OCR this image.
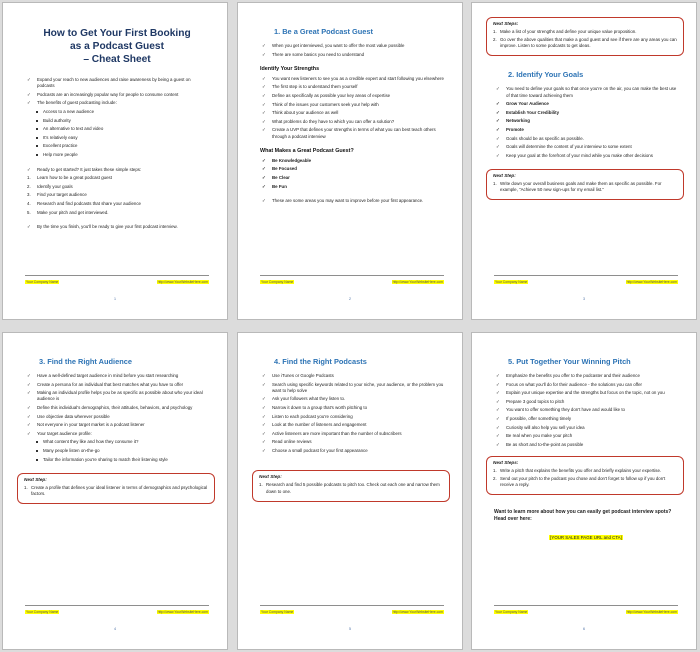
How to Get Your First Booking
as a Podcast Guest
– Cheat Sheet
✓ Expand your reach to new audiences and raise awareness by being a guest on podcasts
✓ Podcasts are an increasingly popular way for people to consume content
✓ The benefits of guest podcasting include:
Access to a new audience
Build authority
An alternative to text and video
It's relatively easy
Excellent practice
Help more people
✓ Ready to get started? It just takes these simple steps:
1. Learn how to be a great podcast guest
2. Identify your goals
3. Find your target audience
4. Research and find podcasts that share your audience
5. Make your pitch and get interviewed.
✓ By the time you finish, you'll be ready to give your first podcast interview.
Your Company Name	http://www.YourWebsiteHere.com
1
1. Be a Great Podcast Guest
✓ When you get interviewed, you want to offer the most value possible
✓ There are some basics you need to understand
Identify Your Strengths
✓ You want new listeners to see you as a credible expert and start following you elsewhere
✓ The first step is to understand them yourself
✓ Define as specifically as possible your key areas of expertise
✓ Think of the issues your customers seek your help with
✓ Think about your audience as well
✓ What problems do they have to which you can offer a solution?
✓ Create a UVP that defines your strengths in terms of what you can best teach others through a podcast interview
What Makes a Great Podcast Guest?
✓ Be Knowledgeable
✓ Be Focused
✓ Be Clear
✓ Be Fun
✓ These are some areas you may want to improve before your first appearance.
Your Company Name	http://www.YourWebsiteHere.com
2
Next Steps:
1. Make a list of your strengths and define your unique value proposition.
2. Go over the above qualities that make a good guest and see if there are any areas you can improve. Listen to some podcasts to get ideas.
2. Identify Your Goals
✓ You need to define your goals so that once you're on the air, you can make the best use of that time toward achieving them
✓ Grow Your Audience
✓ Establish Your Credibility
✓ Networking
✓ Promote
✓ Goals should be as specific as possible.
✓ Goals will determine the content of your interview to some extent
✓ Keep your goal at the forefront of your mind while you make other decisions
Next Step:
1. Write down your overall business goals and make them as specific as possible. For example, "Achieve 50 new sign-ups for my email list."
Your Company Name	http://www.YourWebsiteHere.com
3
3. Find the Right Audience
✓ Have a well-defined target audience in mind before you start researching
✓ Create a persona for an individual that best matches what you have to offer
✓ Making an individual profile helps you be as specific as possible about who your ideal audience is
✓ Define this individual's demographics, their attitudes, behaviors, and psychology
✓ Use objective data wherever possible
✓ Not everyone in your target market is a podcast listener
✓ Your target audience profile:
What content they like and how they consume it?
Many people listen on-the-go
Tailor the information you're sharing to match their listening style
Next Step:
1. Create a profile that defines your ideal listener in terms of demographics and psychological factors.
Your Company Name	http://www.YourWebsiteHere.com
4
4. Find the Right Podcasts
✓ Use iTunes or Google Podcasts
✓ Search using specific keywords related to your niche, your audience, or the problem you want to help solve
✓ Ask your followers what they listen to.
✓ Narrow it down to a group that's worth pitching to
✓ Listen to each podcast you're considering
✓ Look at the number of listeners and engagement
✓ Active listeners are more important than the number of subscribers
✓ Read online reviews
✓ Choose a small podcast for your first appearance
Next Step:
1. Research and find 5 possible podcasts to pitch too. Check out each one and narrow them down to one.
Your Company Name	http://www.YourWebsiteHere.com
5
5. Put Together Your Winning Pitch
✓ Emphasize the benefits you offer to the podcaster and their audience
✓ Focus on what you'll do for their audience - the solutions you can offer
✓ Explain your unique expertise and the strengths but focus on the topic, not on you
✓ Prepare 3 good topics to pitch
✓ You want to offer something they don't have and would like to
✓ If possible, offer something timely
✓ Curiosity will also help you sell your idea
✓ Be real when you make your pitch
✓ Be as short and to-the-point as possible
Next Steps:
1. Write a pitch that explains the benefits you offer and briefly explains your expertise.
2. Send out your pitch to the podcast you chose and don't forget to follow up if you don't receive a reply.
Want to learn more about how you can easily get podcast interview spots? Head over here:
[YOUR SALES PAGE URL and CTA]
Your Company Name	http://www.YourWebsiteHere.com
6
